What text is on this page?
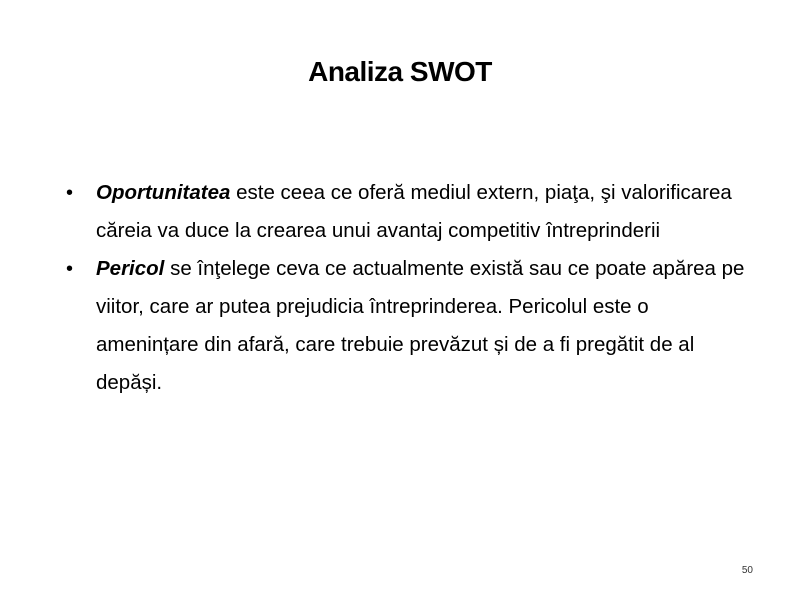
Analiza SWOT
• Oportunitatea este ceea ce oferă mediul extern, piaţa, şi valorificarea căreia va duce la crearea unui avantaj competitiv întreprinderii
• Pericol se înţelege ceva ce actualmente există sau ce poate apărea pe viitor, care ar putea prejudicia întreprinderea. Pericolul este o amenințare din afară, care trebuie prevăzut și de a fi pregătit de al depăși.
50
